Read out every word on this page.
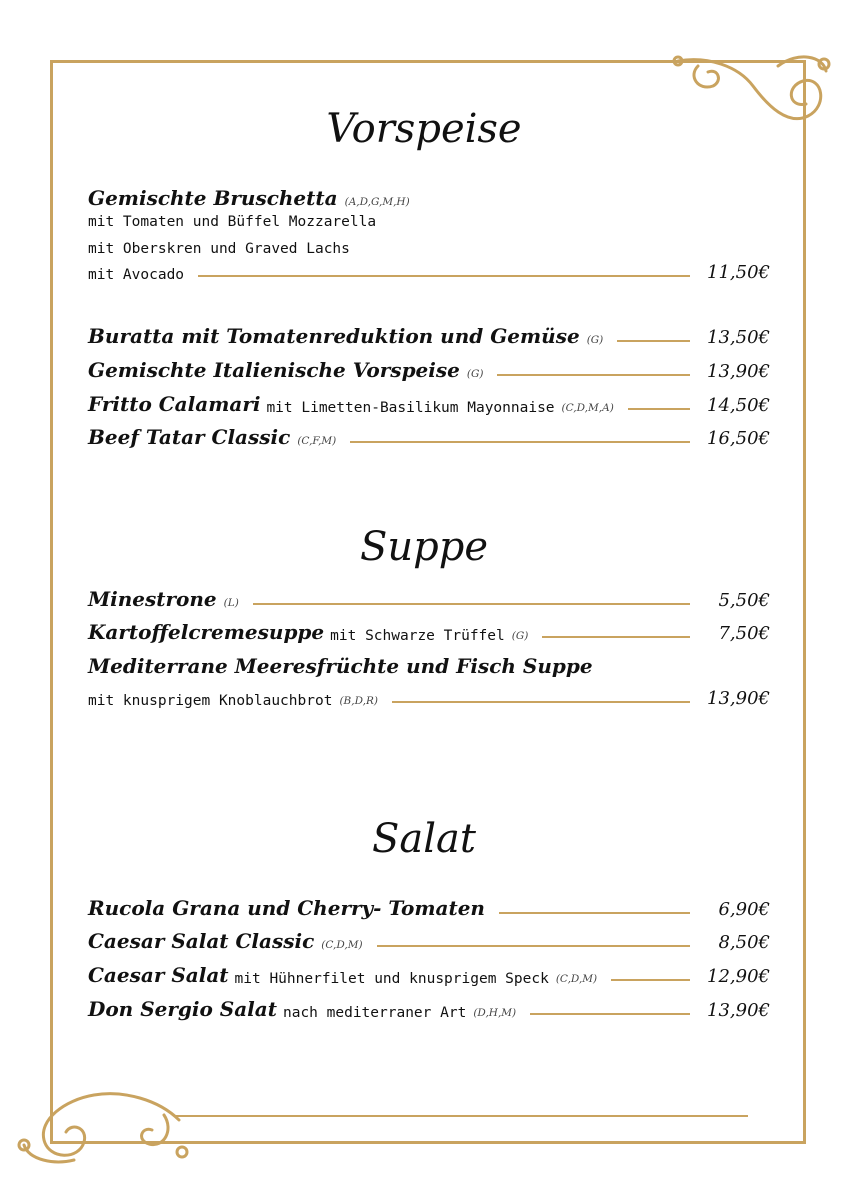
Vorspeise
Gemischte Bruschetta (A,D,G,M,H)
mit Tomaten und Büffel Mozzarella
mit Oberskren und Graved Lachs
mit Avocado	11,50€
Buratta mit Tomatenreduktion und Gemüse (G)	13,50€
Gemischte Italienische Vorspeise (G)	13,90€
Fritto Calamari mit Limetten-Basilikum Mayonnaise (C,D,M,A)	14,50€
Beef Tatar Classic (C,F,M)	16,50€
Suppe
Minestrone (L)	5,50€
Kartoffelcremesuppe mit Schwarze Trüffel (G)	7,50€
Mediterrane Meeresfrüchte und Fisch Suppe
mit knusprigem Knoblauchbrot (B,D,R)	13,90€
Salat
Rucola Grana und Cherry- Tomaten	6,90€
Caesar Salat Classic (C,D,M)	8,50€
Caesar Salat mit Hühnerfilet und knusprigem Speck (C,D,M)	12,90€
Don Sergio Salat nach mediterraner Art (D,H,M)	13,90€
